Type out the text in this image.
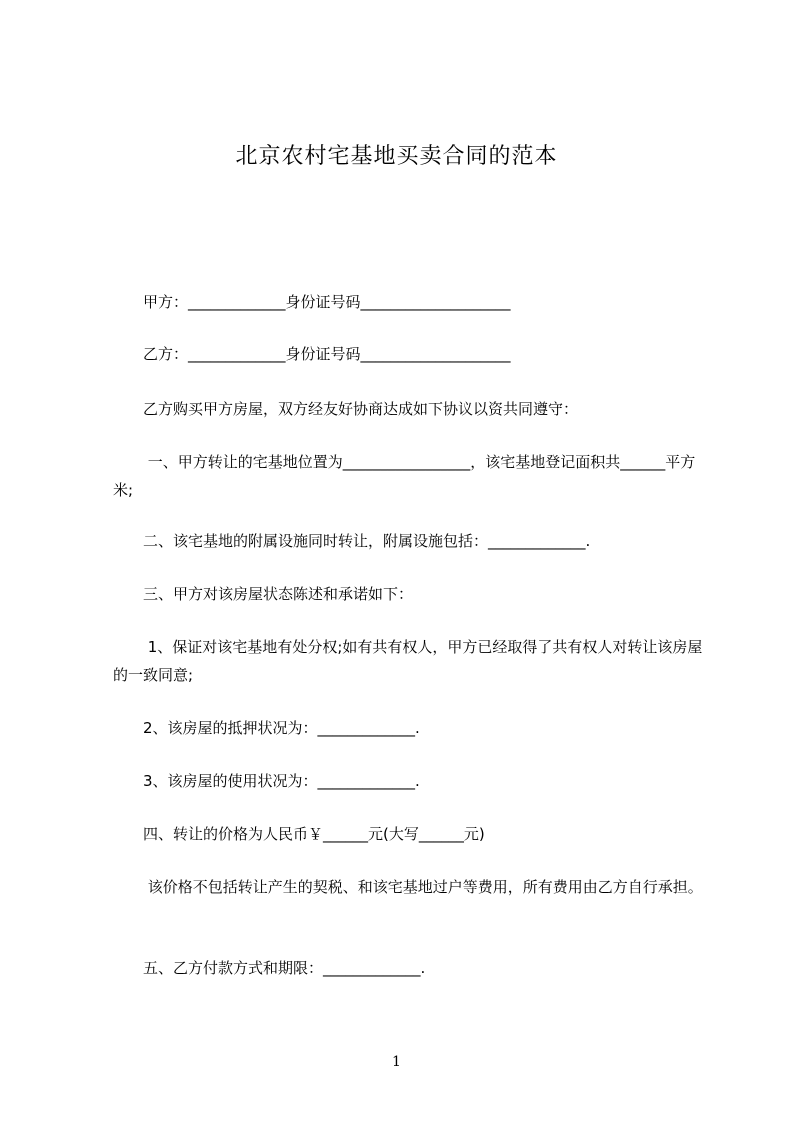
北京农村宅基地买卖合同的范本
　　甲方：_____________身份证号码____________________
　　乙方：_____________身份证号码____________________
　　乙方购买甲方房屋，双方经友好协商达成如下协议以资共同遵守：
　　 一、甲方转让的宅基地位置为_________________，该宅基地登记面积共______平方米;
　　二、该宅基地的附属设施同时转让，附属设施包括：_____________.
　　三、甲方对该房屋状态陈述和承诺如下：
　　 1、保证对该宅基地有处分权;如有共有权人，甲方已经取得了共有权人对转让该房屋的一致同意;
　　2、该房屋的抵押状况为：_____________.
　　3、该房屋的使用状况为：_____________.
　　四、转让的价格为人民币￥______元(大写______元)
　　 该价格不包括转让产生的契税、和该宅基地过户等费用，所有费用由乙方自行承担。
　　五、乙方付款方式和期限：_____________.
1
